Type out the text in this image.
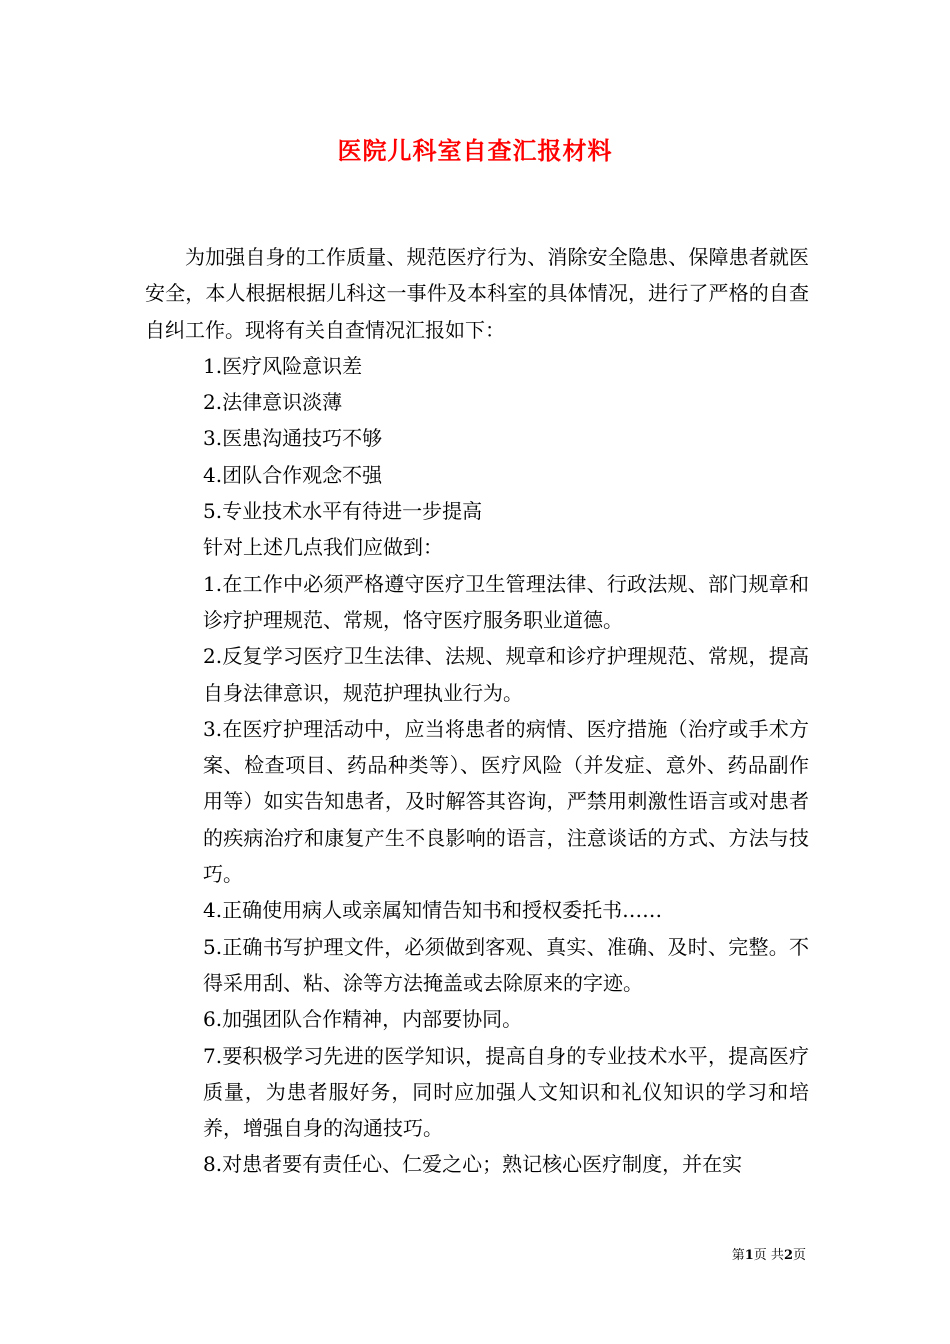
医院儿科室自查汇报材料

为加强自身的工作质量、规范医疗行为、消除安全隐患、保障患者就医安全，本人根据根据儿科这一事件及本科室的具体情况，进行了严格的自查自纠工作。现将有关自查情况汇报如下：

1.医疗风险意识差

2.法律意识淡薄

3.医患沟通技巧不够

4.团队合作观念不强

5.专业技术水平有待进一步提高

针对上述几点我们应做到：

1.在工作中必须严格遵守医疗卫生管理法律、行政法规、部门规章和诊疗护理规范、常规，恪守医疗服务职业道德。

2.反复学习医疗卫生法律、法规、规章和诊疗护理规范、常规，提高自身法律意识，规范护理执业行为。

3.在医疗护理活动中，应当将患者的病情、医疗措施（治疗或手术方案、检查项目、药品种类等）、医疗风险（并发症、意外、药品副作用等）如实告知患者，及时解答其咨询，严禁用刺激性语言或对患者的疾病治疗和康复产生不良影响的语言，注意谈话的方式、方法与技巧。

4.正确使用病人或亲属知情告知书和授权委托书……

5.正确书写护理文件，必须做到客观、真实、准确、及时、完整。不得采用刮、粘、涂等方法掩盖或去除原来的字迹。

6.加强团队合作精神，内部要协同。

7.要积极学习先进的医学知识，提高自身的专业技术水平，提高医疗质量，为患者服好务，同时应加强人文知识和礼仪知识的学习和培养，增强自身的沟通技巧。

8.对患者要有责任心、仁爱之心；熟记核心医疗制度，并在实

第1页 共2页
